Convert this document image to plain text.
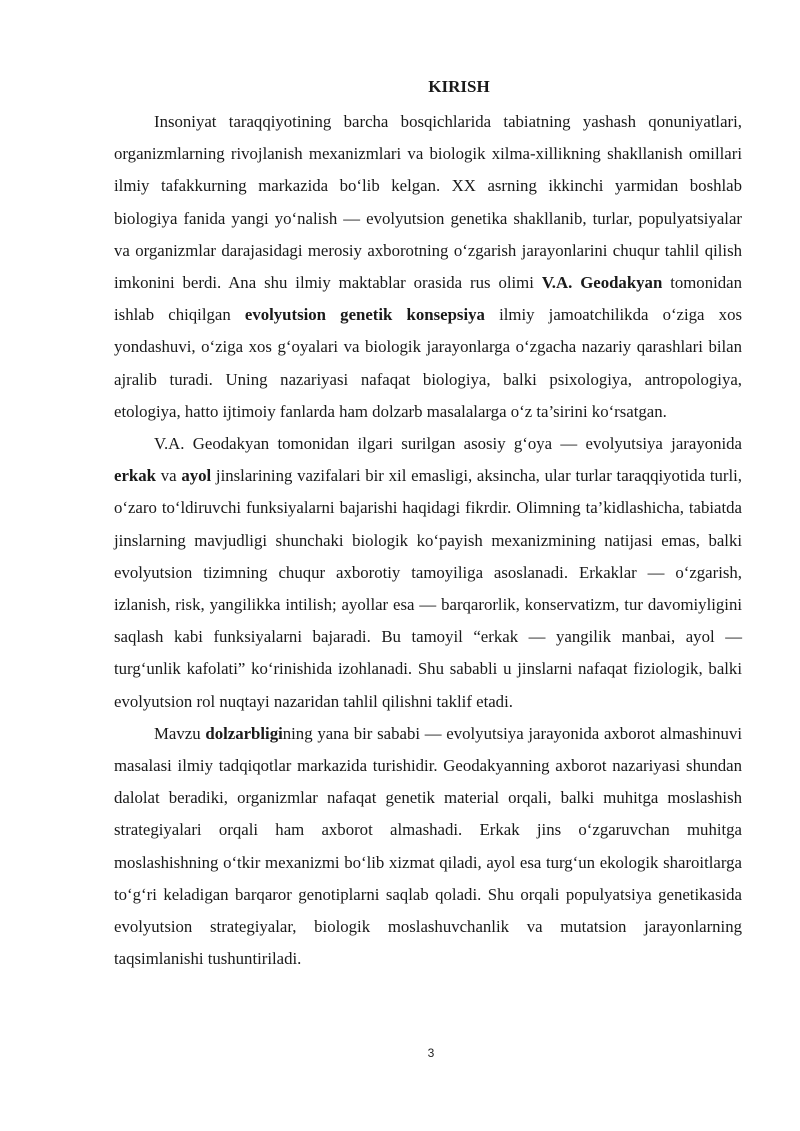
KIRISH

Insoniyat taraqqiyotining barcha bosqichlarida tabiatning yashash qonuniyatlari, organizmlarning rivojlanish mexanizmlari va biologik xilma-xillikning shakllanish omillari ilmiy tafakkurning markazida bo‘lib kelgan. XX asrning ikkinchi yarmidan boshlab biologiya fanida yangi yo‘nalish — evolyutsion genetika shakllanib, turlar, populyatsiyalar va organizmlar darajasidagi merosiy axborotning o‘zgarish jarayonlarini chuqur tahlil qilish imkonini berdi. Ana shu ilmiy maktablar orasida rus olimi V.A. Geodakyan tomonidan ishlab chiqilgan evolyutsion genetik konsepsiya ilmiy jamoatchilikda o‘ziga xos yondashuvi, o‘ziga xos g‘oyalari va biologik jarayonlarga o‘zgacha nazariy qarashlari bilan ajralib turadi. Uning nazariyasi nafaqat biologiya, balki psixologiya, antropologiya, etologiya, hatto ijtimoiy fanlarda ham dolzarb masalalarga o‘z ta’sirini ko‘rsatgan.

V.A. Geodakyan tomonidan ilgari surilgan asosiy g‘oya — evolyutsiya jarayonida erkak va ayol jinslarining vazifalari bir xil emasligi, aksincha, ular turlar taraqqiyotida turli, o‘zaro to‘ldiruvchi funksiyalarni bajarishi haqidagi fikrdir. Olimning ta’kidlashicha, tabiatda jinslarning mavjudligi shunchaki biologik ko‘payish mexanizmining natijasi emas, balki evolyutsion tizimning chuqur axborotiy tamoyiliga asoslanadi. Erkaklar — o‘zgarish, izlanish, risk, yangilikka intilish; ayollar esa — barqarorlik, konservatizm, tur davomiyligini saqlash kabi funksiyalarni bajaradi. Bu tamoyil “erkak — yangilik manbai, ayol — turg‘unlik kafolati” ko‘rinishida izohlanadi. Shu sababli u jinslarni nafaqat fiziologik, balki evolyutsion rol nuqtayi nazaridan tahlil qilishni taklif etadi.

Mavzu dolzarbligining yana bir sababi — evolyutsiya jarayonida axborot almashinuvi masalasi ilmiy tadqiqotlar markazida turishidir. Geodakyanning axborot nazariyasi shundan dalolat beradiki, organizmlar nafaqat genetik material orqali, balki muhitga moslashish strategiyalari orqali ham axborot almashadi. Erkak jins o‘zgaruvchan muhitga moslashishning o‘tkir mexanizmi bo‘lib xizmat qiladi, ayol esa turg‘un ekologik sharoitlarga to‘g‘ri keladigan barqaror genotiplarni saqlab qoladi. Shu orqali populyatsiya genetikasida evolyutsion strategiyalar, biologik moslashuvchanlik va mutatsion jarayonlarning taqsimlanishi tushuntiriladi.

3
